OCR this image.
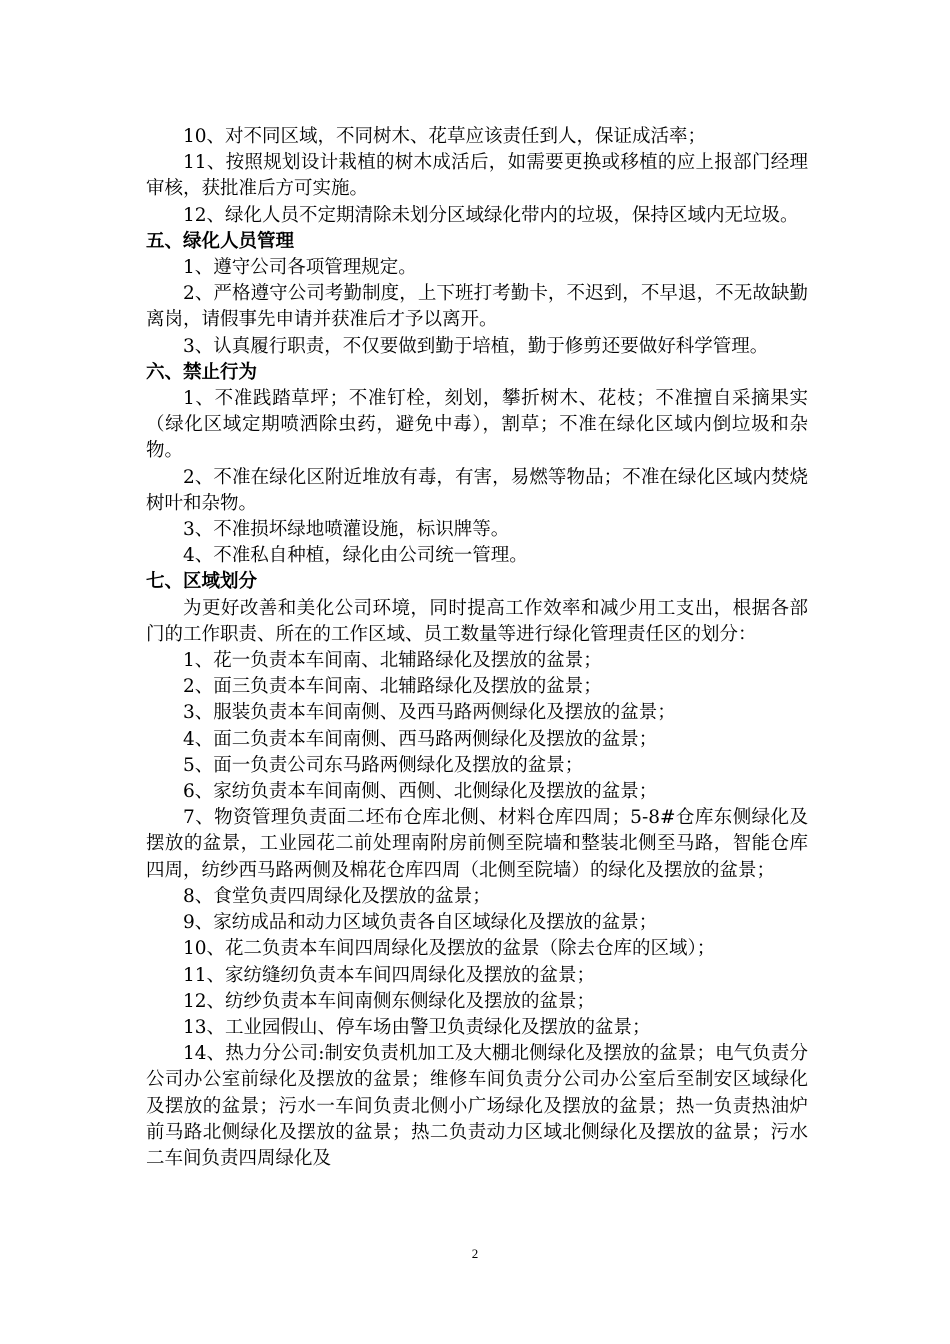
10、对不同区域，不同树木、花草应该责任到人，保证成活率；

11、按照规划设计栽植的树木成活后，如需要更换或移植的应上报部门经理审核，获批准后方可实施。

12、绿化人员不定期清除未划分区域绿化带内的垃圾，保持区域内无垃圾。

五、绿化人员管理

1、遵守公司各项管理规定。

2、严格遵守公司考勤制度，上下班打考勤卡，不迟到，不早退，不无故缺勤离岗，请假事先申请并获准后才予以离开。

3、认真履行职责，不仅要做到勤于培植，勤于修剪还要做好科学管理。

六、禁止行为

1、不准践踏草坪；不准钉栓，刻划，攀折树木、花枝；不准擅自采摘果实（绿化区域定期喷洒除虫药，避免中毒），割草；不准在绿化区域内倒垃圾和杂物。

2、不准在绿化区附近堆放有毒，有害，易燃等物品；不准在绿化区域内焚烧树叶和杂物。

3、不准损坏绿地喷灌设施，标识牌等。

4、不准私自种植，绿化由公司统一管理。

七、区域划分

为更好改善和美化公司环境，同时提高工作效率和减少用工支出，根据各部门的工作职责、所在的工作区域、员工数量等进行绿化管理责任区的划分：

1、花一负责本车间南、北辅路绿化及摆放的盆景；

2、面三负责本车间南、北辅路绿化及摆放的盆景；

3、服装负责本车间南侧、及西马路两侧绿化及摆放的盆景；

4、面二负责本车间南侧、西马路两侧绿化及摆放的盆景；

5、面一负责公司东马路两侧绿化及摆放的盆景；

6、家纺负责本车间南侧、西侧、北侧绿化及摆放的盆景；

7、物资管理负责面二坯布仓库北侧、材料仓库四周；5-8#仓库东侧绿化及摆放的盆景，工业园花二前处理南附房前侧至院墙和整装北侧至马路，智能仓库四周，纺纱西马路两侧及棉花仓库四周（北侧至院墙）的绿化及摆放的盆景；

8、食堂负责四周绿化及摆放的盆景；

9、家纺成品和动力区域负责各自区域绿化及摆放的盆景；

10、花二负责本车间四周绿化及摆放的盆景（除去仓库的区域）；

11、家纺缝纫负责本车间四周绿化及摆放的盆景；

12、纺纱负责本车间南侧东侧绿化及摆放的盆景；

13、工业园假山、停车场由警卫负责绿化及摆放的盆景；

14、热力分公司:制安负责机加工及大棚北侧绿化及摆放的盆景；电气负责分公司办公室前绿化及摆放的盆景；维修车间负责分公司办公室后至制安区域绿化及摆放的盆景；污水一车间负责北侧小广场绿化及摆放的盆景；热一负责热油炉前马路北侧绿化及摆放的盆景；热二负责动力区域北侧绿化及摆放的盆景；污水二车间负责四周绿化及

2
